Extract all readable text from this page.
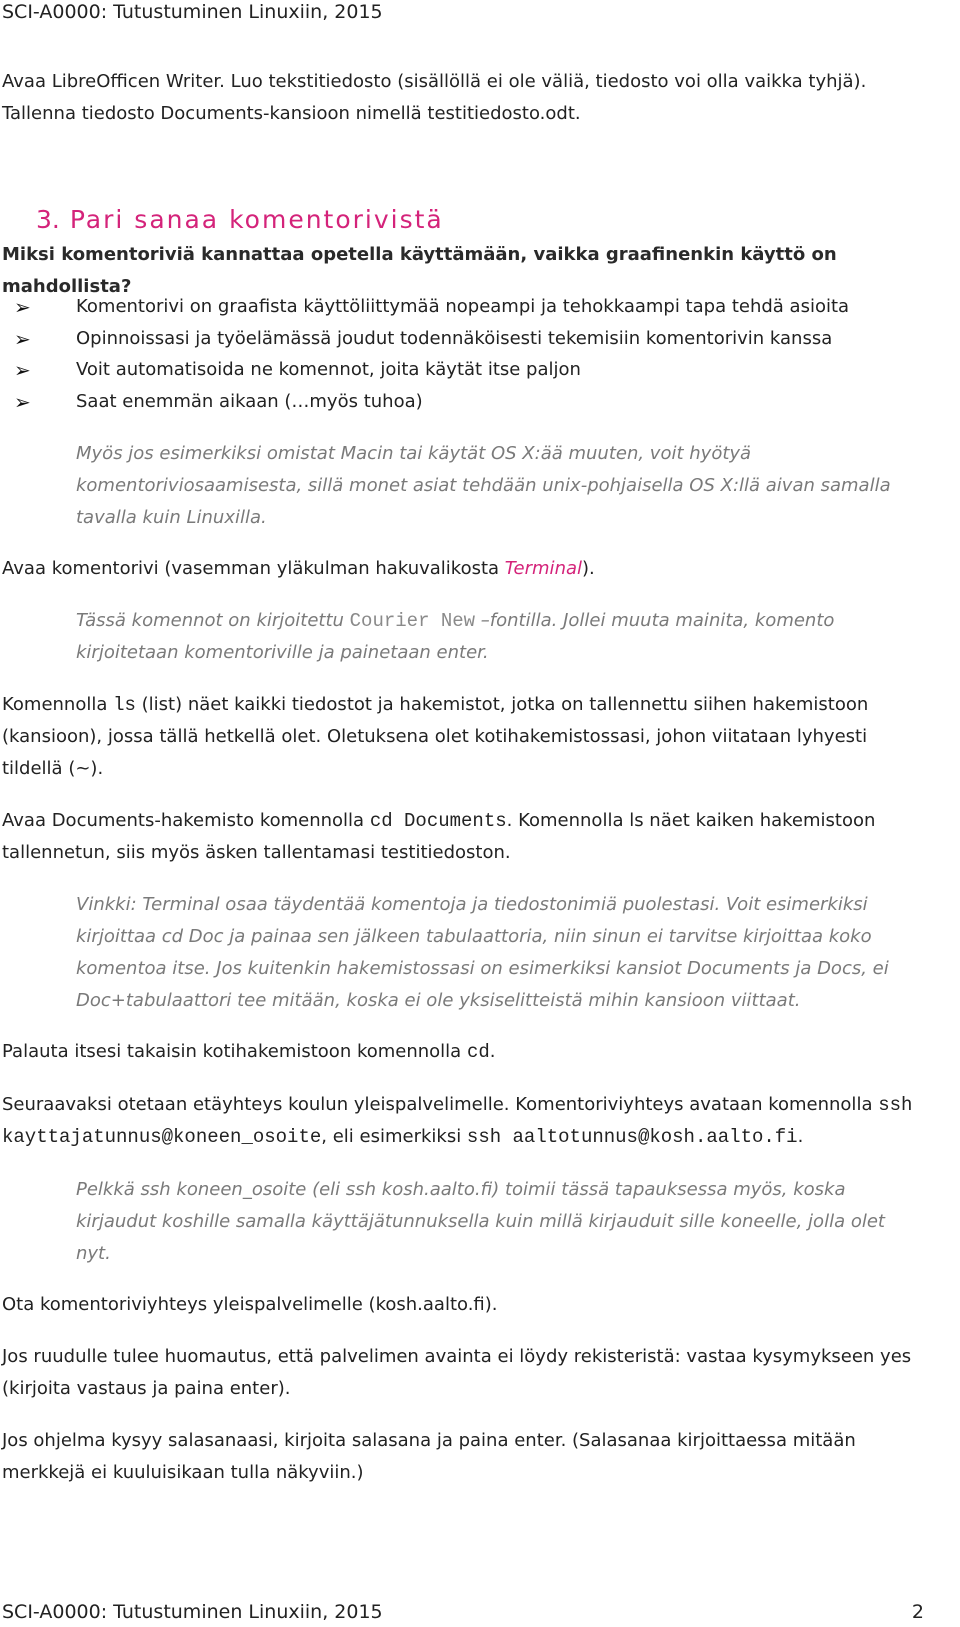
SCI-A0000: Tutustuminen Linuxiin, 2015
Avaa LibreOfficen Writer. Luo tekstitiedosto (sisällöllä ei ole väliä, tiedosto voi olla vaikka tyhjä).
Tallenna tiedosto Documents-kansioon nimellä testitiedosto.odt.
3. Pari sanaa komentorivistä
Miksi komentoriviä kannattaa opetella käyttämään, vaikka graafinenkin käyttö on mahdollista?
➢	Komentorivi on graafista käyttöliittymää nopeampi ja tehokkaampi tapa tehdä asioita
➢	Opinnoissasi ja työelämässä joudut todennäköisesti tekemisiin komentorivin kanssa
➢	Voit automatisoida ne komennot, joita käytät itse paljon
➢	Saat enemmän aikaan (…myös tuhoa)
Myös jos esimerkiksi omistat Macin tai käytät OS X:ää muuten, voit hyötyä
komentoriviosaamisesta, sillä monet asiat tehdään unix-pohjaisella OS X:llä aivan samalla
tavalla kuin Linuxilla.
Avaa komentorivi (vasemman yläkulman hakuvalikosta Terminal).
Tässä komennot on kirjoitettu Courier New –fontilla. Jollei muuta mainita, komento
kirjoitetaan komentoriville ja painetaan enter.
Komennolla ls (list) näet kaikki tiedostot ja hakemistot, jotka on tallennettu siihen hakemistoon
(kansioon), jossa tällä hetkellä olet. Oletuksena olet kotihakemistossasi, johon viitataan lyhyesti
tildellä (~).
Avaa Documents-hakemisto komennolla cd Documents. Komennolla ls näet kaiken hakemistoon
tallennetun, siis myös äsken tallentamasi testitiedoston.
Vinkki: Terminal osaa täydentää komentoja ja tiedostonimiä puolestasi. Voit esimerkiksi
kirjoittaa cd Doc ja painaa sen jälkeen tabulaattoria, niin sinun ei tarvitse kirjoittaa koko
komentoa itse. Jos kuitenkin hakemistossasi on esimerkiksi kansiot Documents ja Docs, ei
Doc+tabulaattori tee mitään, koska ei ole yksiselitteistä mihin kansioon viittaat.
Palauta itsesi takaisin kotihakemistoon komennolla cd.
Seuraavaksi otetaan etäyhteys koulun yleispalvelimelle. Komentoriviyhteys avataan komennolla ssh
kayttajatunnus@koneen_osoite, eli esimerkiksi ssh aaltotunnus@kosh.aalto.fi.
Pelkkä ssh koneen_osoite (eli ssh kosh.aalto.fi) toimii tässä tapauksessa myös, koska
kirjaudut koshille samalla käyttäjätunnuksella kuin millä kirjauduit sille koneelle, jolla olet
nyt.
Ota komentoriviyhteys yleispalvelimelle (kosh.aalto.fi).
Jos ruudulle tulee huomautus, että palvelimen avainta ei löydy rekisteristä: vastaa kysymykseen yes
(kirjoita vastaus ja paina enter).
Jos ohjelma kysyy salasanaasi, kirjoita salasana ja paina enter. (Salasanaa kirjoittaessa mitään
merkkejä ei kuuluisikaan tulla näkyviin.)
SCI-A0000: Tutustuminen Linuxiin, 2015	2
